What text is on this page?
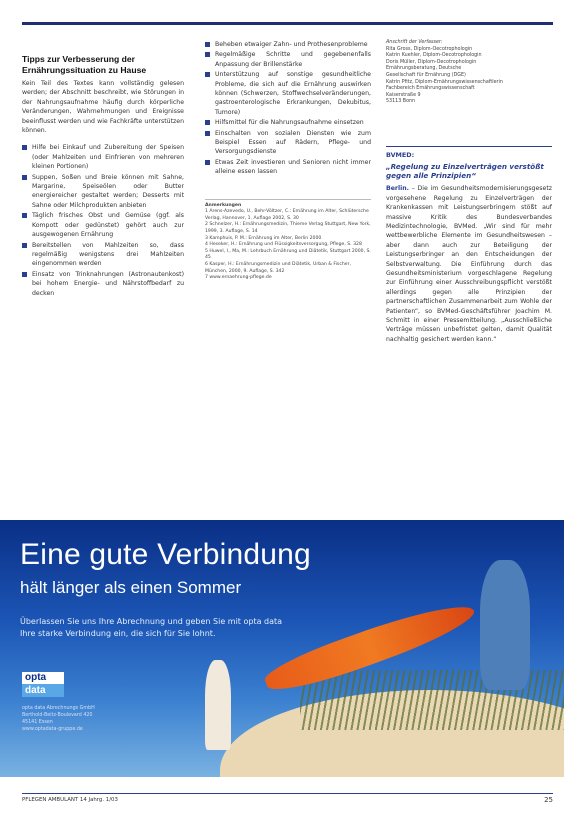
Tipps zur Verbesserung der Ernährungssituation zu Hause
Kein Teil des Textes kann vollständig gelesen werden; der Abschnitt beschreibt, wie Störungen in der Nahrungsaufnahme häufig durch körperliche Veränderungen, Wahrnehmungen und Ereignisse beeinflusst werden und wie Fachkräfte unterstützen können.
Hilfe bei Einkauf und Zubereitung der Speisen (oder Mahlzeiten und Einfrieren von mehreren kleinen Portionen)
Suppen, Soßen und Breie können mit Sahne, Margarine, Speiseölen oder Butter energiereicher gestaltet werden; Desserts mit Sahne oder Milchprodukten anbieten
Täglich frisches Obst und Gemüse (ggf. als Kompott oder gedünstet) gehört auch zur ausgewogenen Ernährung
Bereitstellen von Mahlzeiten so, dass regelmäßig wenigstens drei Mahlzeiten eingenommen werden
Einsatz von Trinknahrungen (Astronautenkost) bei hohem Energie- und Nährstoffbedarf zu decken
Beheben etwaiger Zahn- und Prothesenprobleme
Regelmäßige Schritte und gegebenenfalls Anpassung der Brillenstärke
Unterstützung auf sonstige gesundheitliche Probleme, die sich auf die Ernährung auswirken können (Schwerzen, Stoffwechselveränderungen, gastroenterologische Erkrankungen, Dekubitus, Tumore)
Hilfsmittel für die Nahrungsaufnahme einsetzen
Einschalten von sozialen Diensten wie zum Beispiel Essen auf Rädern, Pflege- und Versorgungsdienste
Etwas Zeit investieren und Senioren nicht immer alleine essen lassen
Anmerkungen
1 Arens-Azevedo, U., Behr-Völtzer, C.: Ernährung im Alter, Schlütersche Verlag, Hannover, 1. Auflage 2002, S. 30
2 Schnelzer, H.: Ernährungsmedizin, Thieme Verlag Stuttgart, New York, 1999, 3. Auflage, S. 14
3 Kamphuis, P. M.: Ernährung im Alter, Berlin 2000
4 Heseker, H.: Ernährung und Flüssigkeitsversorgung, Pflege, S. 328
5 Huwel, I., Ma, M.: Lehrbuch Ernährung und Diätetik, Stuttgart 2000, S. 45
6 Kasper, H.: Ernährungsmedizin und Diätetik, Urban & Fischer, München, 2000, 9. Auflage, S. 342
7 www.ernaehrung-pflege.de
Anschrift der Verfasser:
Rita Gross, Diplom-Oecotrophologin
Katrin Kuehler, Diplom-Oecotrophologin
Doris Müller, Diplom-Oecotrophologin
Ernährungsberatung, Deutsche
Gesellschaft für Ernährung (DGE)
Katrin Pfitz, Diplom-Ernährungswissenschaftlerin
Fachbereich Ernährungswissenschaft
Kaiserstraße 9
53113 Bonn
BVMED:
„Regelung zu Einzelverträgen verstößt gegen alle Prinzipien“
Berlin. – Die im Gesundheitsmodernisierungsgesetz vorgesehene Regelung zu Einzelverträgen der Krankenkassen mit Leistungserbringern stößt auf massive Kritik des Bundesverbandes Medizintechnologie, BVMed. „Wir sind für mehr wettbewerbliche Elemente im Gesundheitswesen – aber dann auch zur Beteiligung der Leistungserbringer an den Entscheidungen der Selbstverwaltung. Die Einführung durch das Gesundheitsministerium vorgeschlagene Regelung zur Einführung einer Ausschreibungspflicht verstößt allerdings gegen alle Prinzipien der partnerschaftlichen Zusammenarbeit zum Wohle der Patienten“, so BVMed-Geschäftsführer Joachim M. Schmitt in einer Pressemitteilung. „Ausschließliche Verträge müssen unbefristet gelten, damit Qualität nachhaltig gesichert werden kann.“
Eine gute Verbindung
hält länger als einen Sommer
Überlassen Sie uns Ihre Abrechnung und geben Sie mit opta data
Ihre starke Verbindung ein, die sich für Sie lohnt.
opta
data
opta data Abrechnungs GmbH
Berthold-Beitz-Boulevard 420
45141 Essen
www.optadata-gruppe.de
PFLEGEN AMBULANT 14 Jahrg. 1/03	25
